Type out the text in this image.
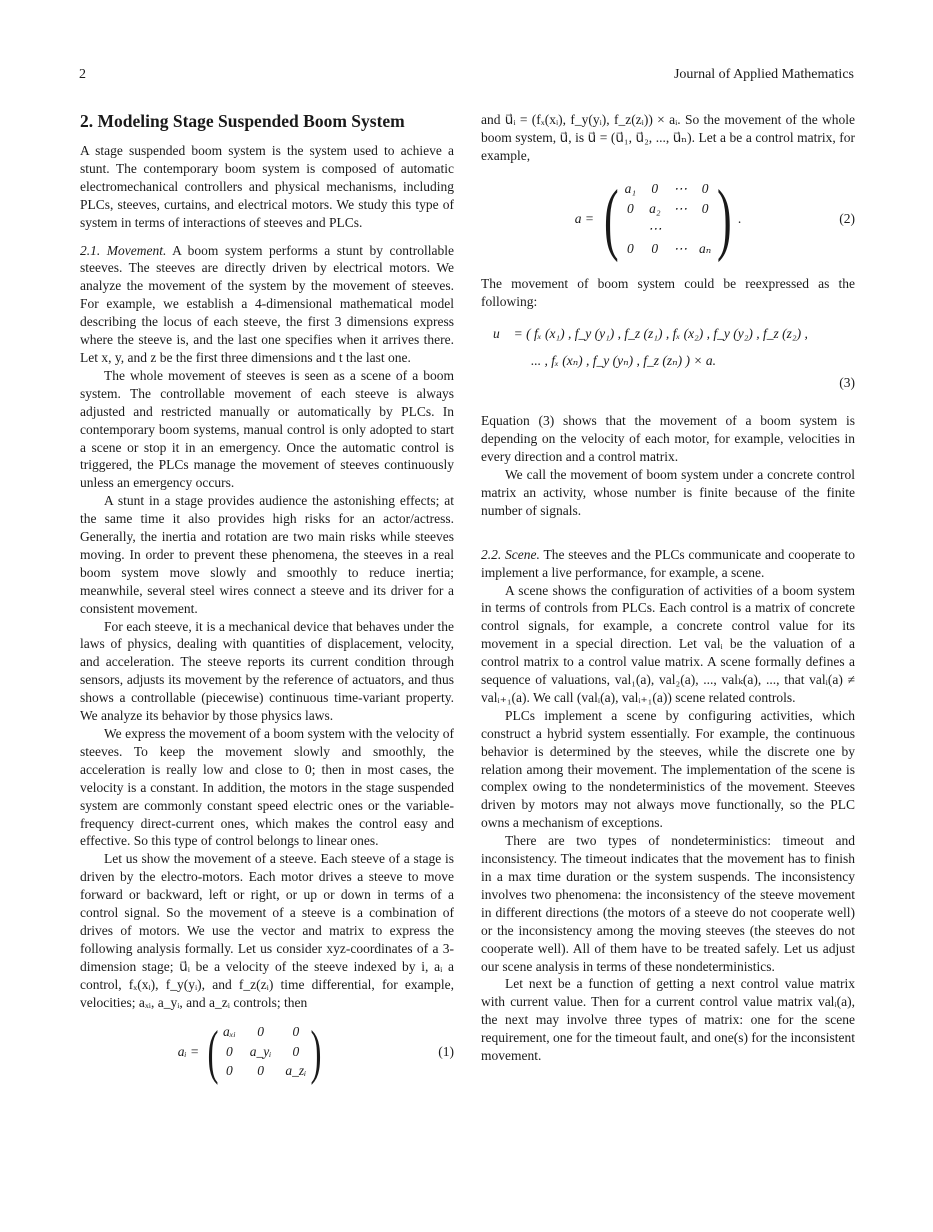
2	Journal of Applied Mathematics
2. Modeling Stage Suspended Boom System

A stage suspended boom system is the system used to achieve a stunt. The contemporary boom system is composed of automatic electromechanical controllers and physical mechanisms, including PLCs, steeves, curtains, and electrical motors. We study this type of system in terms of interactions of steeves and PLCs.

2.1. Movement. A boom system performs a stunt by controllable steeves. The steeves are directly driven by electrical motors. We analyze the movement of the system by the movement of steeves. For example, we establish a 4-dimensional mathematical model describing the locus of each steeve, the first 3 dimensions express where the steeve is, and the last one specifies when it arrives there. Let x, y, and z be the first three dimensions and t the last one.

The whole movement of steeves is seen as a scene of a boom system. The controllable movement of each steeve is always adjusted and restricted manually or automatically by PLCs. In contemporary boom systems, manual control is only adopted to start a scene or stop it in an emergency. Once the automatic control is triggered, the PLCs manage the movement of steeves continuously unless an emergency occurs.

A stunt in a stage provides audience the astonishing effects; at the same time it also provides high risks for an actor/actress. Generally, the inertia and rotation are two main risks while steeves moving. In order to prevent these phenomena, the steeves in a real boom system move slowly and smoothly to reduce inertia; meanwhile, several steel wires connect a steeve and its driver for a consistent movement.

For each steeve, it is a mechanical device that behaves under the laws of physics, dealing with quantities of displacement, velocity, and acceleration. The steeve reports its current condition through sensors, adjusts its movement by the reference of actuators, and thus shows a controllable (piecewise) continuous time-variant property. We analyze its behavior by those physics laws.

We express the movement of a boom system with the velocity of steeves. To keep the movement slowly and smoothly, the acceleration is really low and close to 0; then in most cases, the velocity is a constant. In addition, the motors in the stage suspended system are commonly constant speed electric ones or the variable-frequency direct-current ones, which makes the control easy and effective. So this type of control belongs to linear ones.

Let us show the movement of a steeve. Each steeve of a stage is driven by the electro-motors. Each motor drives a steeve to move forward or backward, left or right, or up or down in terms of a control signal. So the movement of a steeve is a combination of drives of motors. We use the vector and matrix to express the following analysis formally. Let us consider xyz-coordinates of a 3-dimension stage; u⃗ᵢ be a velocity of the steeve indexed by i, aᵢ a control, fₓ(xᵢ), f_y(yᵢ), and f_z(zᵢ) time differential, for example, velocities; aₓᵢ, a_yᵢ, and a_zᵢ controls; then

aᵢ = ( aₓᵢ	0	0
0 a_yᵢ	0
0	0	a_zᵢ )	(1)

and u⃗ᵢ = (fₓ(xᵢ), f_y(yᵢ), f_z(zᵢ)) × aᵢ. So the movement of the whole boom system, u⃗, is u⃗ = (u⃗₁, u⃗₂, ..., u⃗ₙ). Let a be a control matrix, for example,

a = ( a₁ 0 ⋯ 0
0 a₂ ⋯ 0
⋯
0 0 ⋯ aₙ ) .	(2)

The movement of boom system could be reexpressed as the following:

u⃗ = ( fₓ (x₁) , f_y (y₁) , f_z (z₁) , fₓ (x₂) , f_y (y₂) , f_z (z₂) ,
... , fₓ (xₙ) , f_y (yₙ) , f_z (zₙ) ) × a.
(3)

Equation (3) shows that the movement of a boom system is depending on the velocity of each motor, for example, velocities in every direction and a control matrix.

We call the movement of boom system under a concrete control matrix an activity, whose number is finite because of the finite number of signals.

2.2. Scene. The steeves and the PLCs communicate and cooperate to implement a live performance, for example, a scene.

A scene shows the configuration of activities of a boom system in terms of controls from PLCs. Each control is a matrix of concrete control signals, for example, a concrete control value for its movement in a special direction. Let valᵢ be the valuation of a control matrix to a control value matrix. A scene formally defines a sequence of valuations, val₁(a), val₂(a), ..., valₖ(a), ..., that valᵢ(a) ≠ valᵢ₊₁(a). We call (valᵢ(a), valᵢ₊₁(a)) scene related controls.

PLCs implement a scene by configuring activities, which construct a hybrid system essentially. For example, the continuous behavior is determined by the steeves, while the discrete one by relation among their movement. The implementation of the scene is complex owing to the nondeterministics of the movement. Steeves driven by motors may not always move functionally, so the PLC owns a mechanism of exceptions.

There are two types of nondeterministics: timeout and inconsistency. The timeout indicates that the movement has to finish in a max time duration or the system suspends. The inconsistency involves two phenomena: the inconsistency of the steeve movement in different directions (the motors of a steeve do not cooperate well) or the inconsistency among the moving steeves (the steeves do not cooperate well). All of them have to be treated safely. Let us adjust our scene analysis in terms of these nondeterministics.

Let next be a function of getting a next control value matrix with current value. Then for a current control value matrix valᵢ(a), the next may involve three types of matrix: one for the scene requirement, one for the timeout fault, and one(s) for the inconsistent movement.
